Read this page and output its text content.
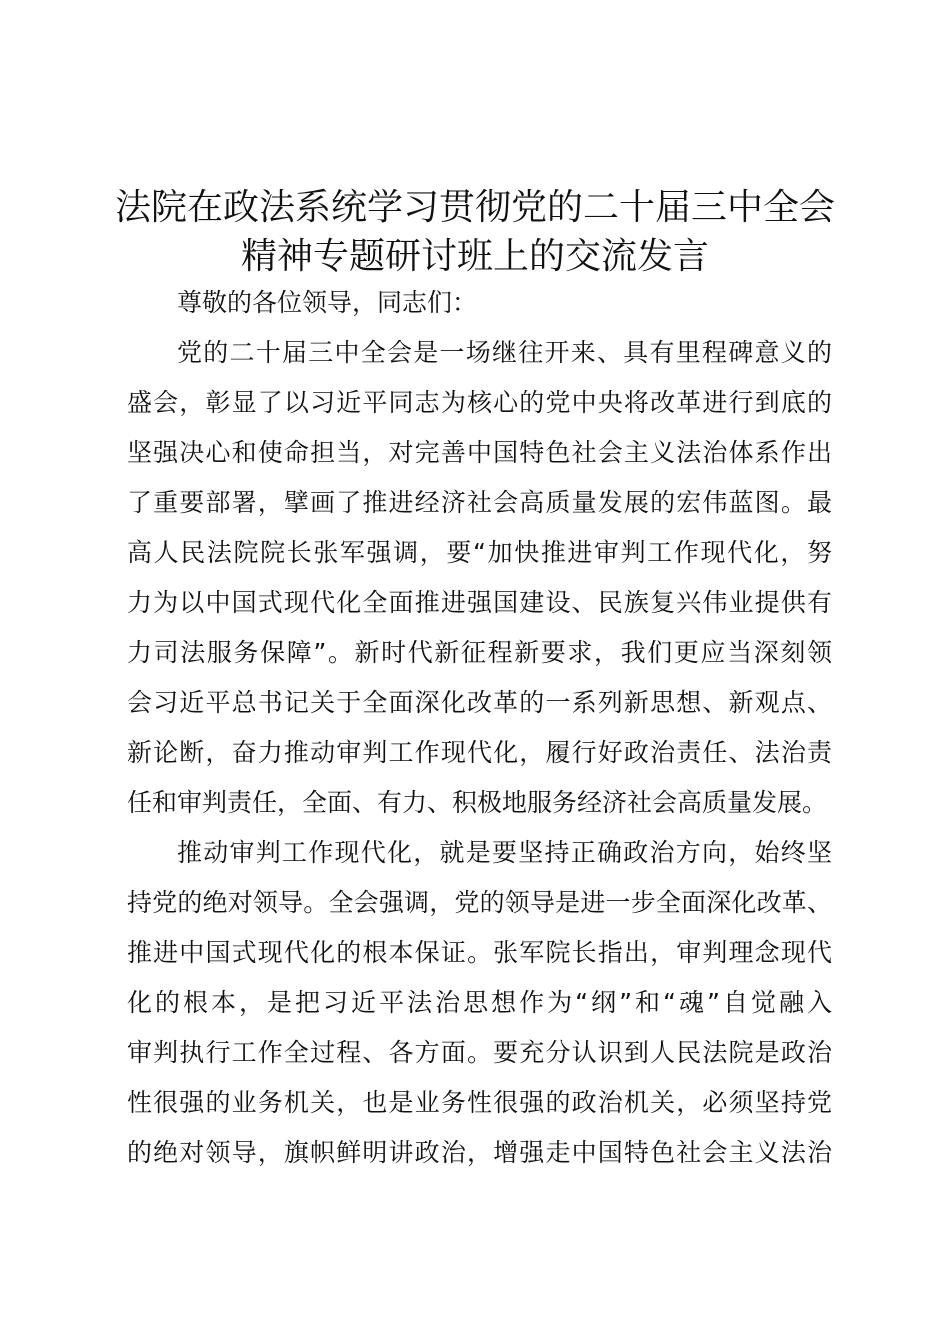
法院在政法系统学习贯彻党的二十届三中全会
精神专题研讨班上的交流发言

尊敬的各位领导，同志们：

党的二十届三中全会是一场继往开来、具有里程碑意义的
盛会，彰显了以习近平同志为核心的党中央将改革进行到底的
坚强决心和使命担当，对完善中国特色社会主义法治体系作出
了重要部署，擘画了推进经济社会高质量发展的宏伟蓝图。最
高人民法院院长张军强调，要“加快推进审判工作现代化，努
力为以中国式现代化全面推进强国建设、民族复兴伟业提供有
力司法服务保障”。新时代新征程新要求，我们更应当深刻领
会习近平总书记关于全面深化改革的一系列新思想、新观点、
新论断，奋力推动审判工作现代化，履行好政治责任、法治责
任和审判责任，全面、有力、积极地服务经济社会高质量发展。

推动审判工作现代化，就是要坚持正确政治方向，始终坚
持党的绝对领导。全会强调，党的领导是进一步全面深化改革、
推进中国式现代化的根本保证。张军院长指出，审判理念现代
化的根本，是把习近平法治思想作为“纲”和“魂”自觉融入
审判执行工作全过程、各方面。要充分认识到人民法院是政治
性很强的业务机关，也是业务性很强的政治机关，必须坚持党
的绝对领导，旗帜鲜明讲政治，增强走中国特色社会主义法治
